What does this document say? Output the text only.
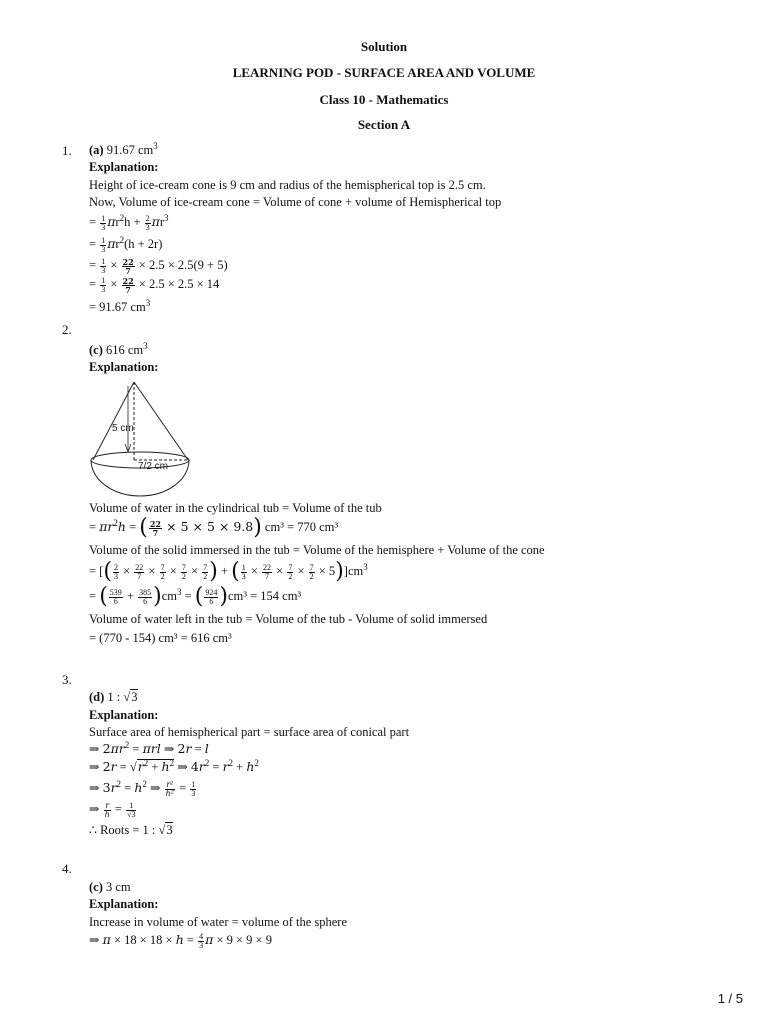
Solution
LEARNING POD - SURFACE AREA AND VOLUME
Class 10 - Mathematics
Section A
1. (a) 91.67 $cm^3$
Explanation:
Height of ice-cream cone is 9 cm and radius of the hemispherical top is 2.5 cm.
Now, Volume of ice-cream cone = Volume of cone + volume of Hemispherical top
= $\frac{1}{3} \pi r^2h + \frac{2}{3} \pi r^3$
= $\frac{1}{3} \pi r^2(h + 2r)$
= $\frac{1}{3} \times \frac{22}{7} \times 2.5 \times 2.5(9 + 5)$
= $\frac{1}{3} \times \frac{22}{7} \times 2.5 \times 2.5 \times 14$
= 91.67 $cm^3$
2.
(c) 616 $cm^3$
Explanation:
5 cm
7/2 cm
Volume of water in the cylindrical tub = Volume of the tub
= $\pi r^2h$ = ( $\frac{22}{7} \times 5 \times 5 \times 9.8$) cm³ = 770 cm³
Volume of the solid immersed in the tub = Volume of the hemisphere + Volume of the cone
= [( $\frac{2}{3} \times \frac{22}{7} \times \frac{7}{2} \times \frac{7}{2} \times \frac{7}{2}$ ) + ( $\frac{1}{3} \times \frac{22}{7} \times \frac{7}{2} \times \frac{7}{2} \times 5)]cm^3$
= ( $\frac{539}{6} + \frac{385}{6} )cm^3$ = ( $\frac{924}{6} )cm^3 = 154$ cm³
Volume of water left in the tub = Volume of the tub - Volume of solid immersed
= (770 - 154) cm³ = 616 cm³
3.
(d) 1 : √3
Explanation:
Surface area of hemispherical part = surface area of conical part
⇒ $2\pi r^2 = \pi rl$ ⇒ 2r = l
⇒ $2r = √r^2 + h^2$ ⇒ $4r^2 = r^2 + h^2$
⇒ $3r^2 = h^2$ ⇒ $\frac{\text{r²}}{\text{h²}} = \frac{1}{3}$
⇒ $\frac{r}{h} = \frac{1}{√3}$
∴ Roots = 1 : √3
4.
(c) 3 cm
Explanation:
Increase in volume of water = volume of the sphere
⇒ $\pi \times 18 \times 18 \times h = \frac{4}{3}$ π × 9 × 9 × 9
1 / 5
